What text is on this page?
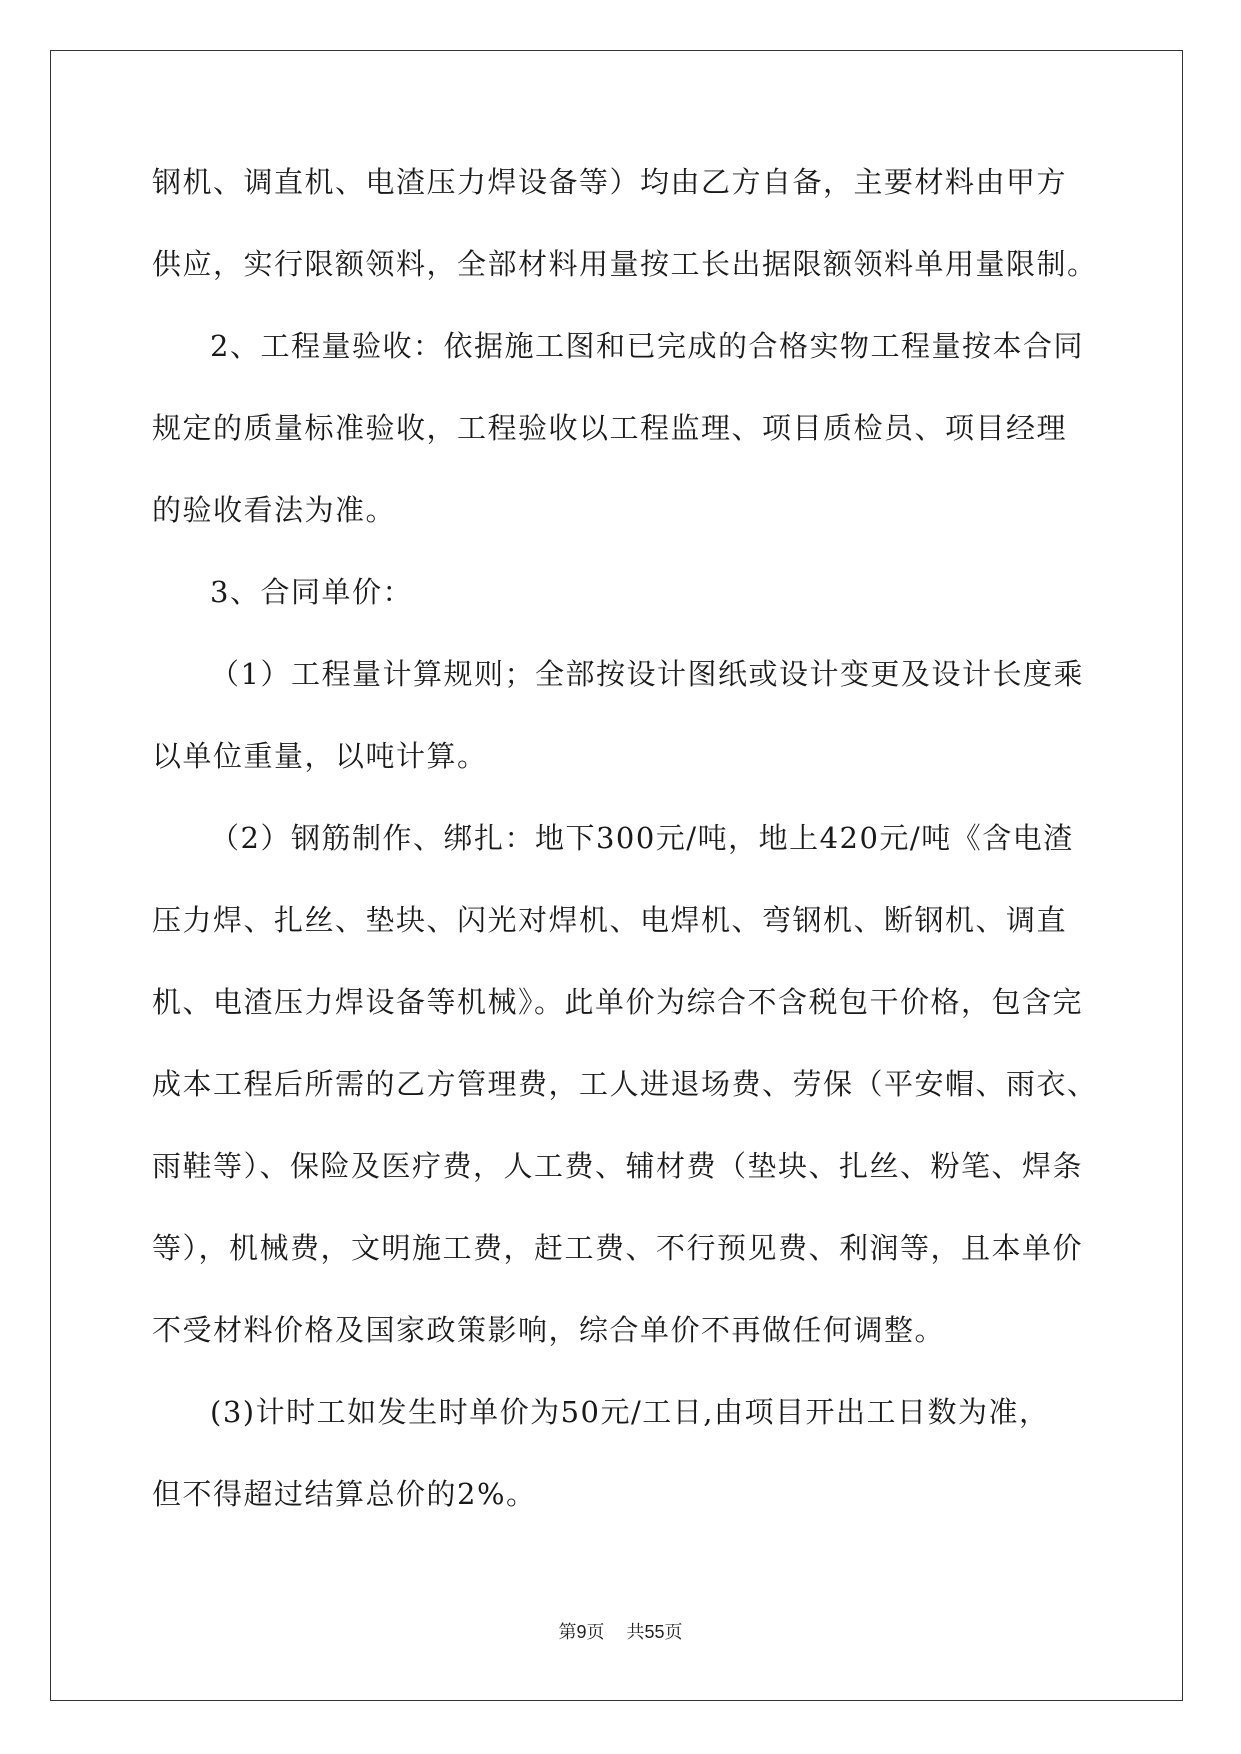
钢机、调直机、电渣压力焊设备等）均由乙方自备，主要材料由甲方
供应，实行限额领料，全部材料用量按工长出据限额领料单用量限制。
2、工程量验收：依据施工图和已完成的合格实物工程量按本合同
规定的质量标准验收，工程验收以工程监理、项目质检员、项目经理
的验收看法为准。
3、合同单价：
（1）工程量计算规则；全部按设计图纸或设计变更及设计长度乘
以单位重量，以吨计算。
（2）钢筋制作、绑扎：地下300元/吨，地上420元/吨《含电渣
压力焊、扎丝、垫块、闪光对焊机、电焊机、弯钢机、断钢机、调直
机、电渣压力焊设备等机械》。此单价为综合不含税包干价格，包含完
成本工程后所需的乙方管理费，工人进退场费、劳保（平安帽、雨衣、
雨鞋等）、保险及医疗费，人工费、辅材费（垫块、扎丝、粉笔、焊条
等），机械费，文明施工费，赶工费、不行预见费、利润等，且本单价
不受材料价格及国家政策影响，综合单价不再做任何调整。
(3)计时工如发生时单价为50元/工日,由项目开出工日数为准，
但不得超过结算总价的2%。
第9页 共55页
